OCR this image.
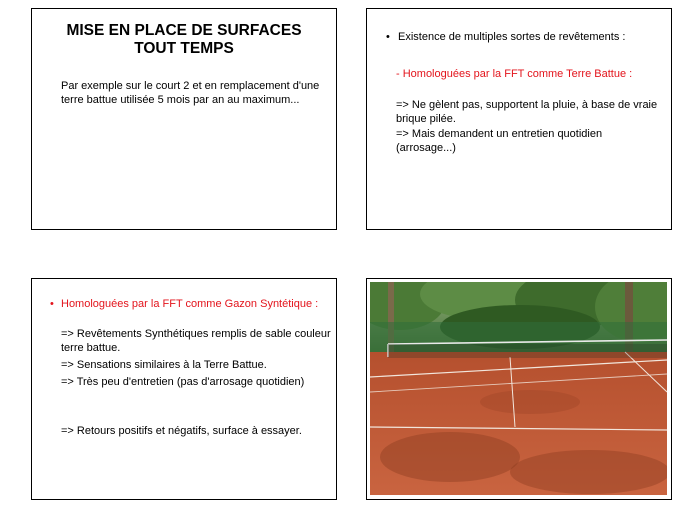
MISE EN PLACE DE SURFACES
TOUT TEMPS
Par exemple sur le court 2 et en remplacement d'une terre battue utilisée 5 mois par an au maximum...
• Existence de multiples sortes de revêtements :
- Homologuées par la FFT comme Terre Battue :
=> Ne gèlent pas, supportent la pluie, à base de vraie brique pilée.
=> Mais demandent un entretien quotidien (arrosage...)
• Homologuées par la FFT comme Gazon Syntétique :
=> Revêtements Synthétiques remplis de sable couleur terre battue.
=> Sensations similaires à la Terre Battue.
=> Très peu d'entretien (pas d'arrosage quotidien)
=> Retours positifs et négatifs, surface à essayer.
